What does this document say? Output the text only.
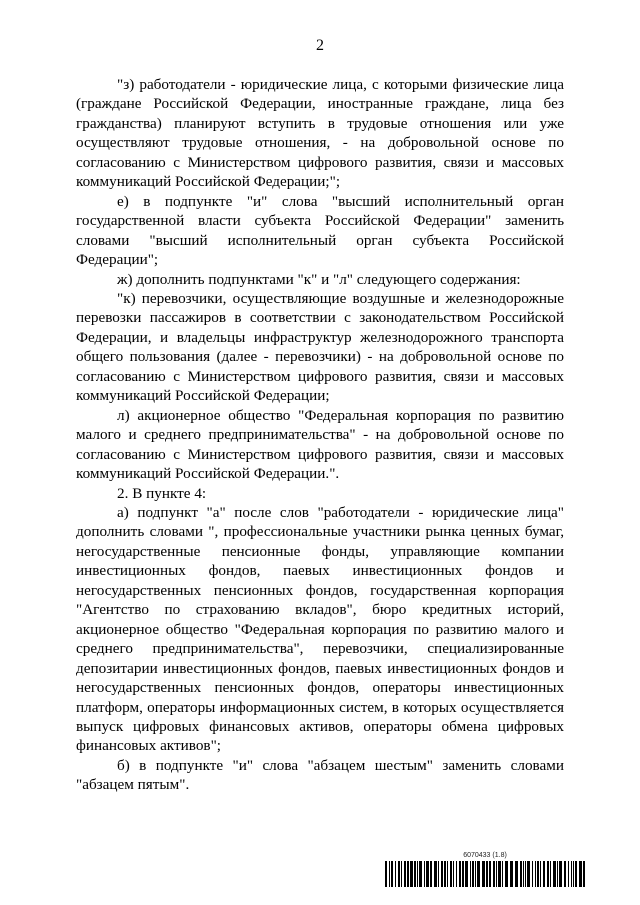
2

"з) работодатели - юридические лица, с которыми физические лица (граждане Российской Федерации, иностранные граждане, лица без гражданства) планируют вступить в трудовые отношения или уже осуществляют трудовые отношения, - на добровольной основе по согласованию с Министерством цифрового развития, связи и массовых коммуникаций Российской Федерации;";

е) в подпункте "и" слова "высший исполнительный орган государственной власти субъекта Российской Федерации" заменить словами "высший исполнительный орган субъекта Российской Федерации";

ж) дополнить подпунктами "к" и "л" следующего содержания:

"к) перевозчики, осуществляющие воздушные и железнодорожные перевозки пассажиров в соответствии с законодательством Российской Федерации, и владельцы инфраструктур железнодорожного транспорта общего пользования (далее - перевозчики) - на добровольной основе по согласованию с Министерством цифрового развития, связи и массовых коммуникаций Российской Федерации;

л) акционерное общество "Федеральная корпорация по развитию малого и среднего предпринимательства" - на добровольной основе по согласованию с Министерством цифрового развития, связи и массовых коммуникаций Российской Федерации.".

2. В пункте 4:

а) подпункт "а" после слов "работодатели - юридические лица" дополнить словами ", профессиональные участники рынка ценных бумаг, негосударственные пенсионные фонды, управляющие компании инвестиционных фондов, паевых инвестиционных фондов и негосударственных пенсионных фондов, государственная корпорация "Агентство по страхованию вкладов", бюро кредитных историй, акционерное общество "Федеральная корпорация по развитию малого и среднего предпринимательства", перевозчики, специализированные депозитарии инвестиционных фондов, паевых инвестиционных фондов и негосударственных пенсионных фондов, операторы инвестиционных платформ, операторы информационных систем, в которых осуществляется выпуск цифровых финансовых активов, операторы обмена цифровых финансовых активов";

б) в подпункте "и" слова "абзацем шестым" заменить словами "абзацем пятым".

6070433 (1.8)
